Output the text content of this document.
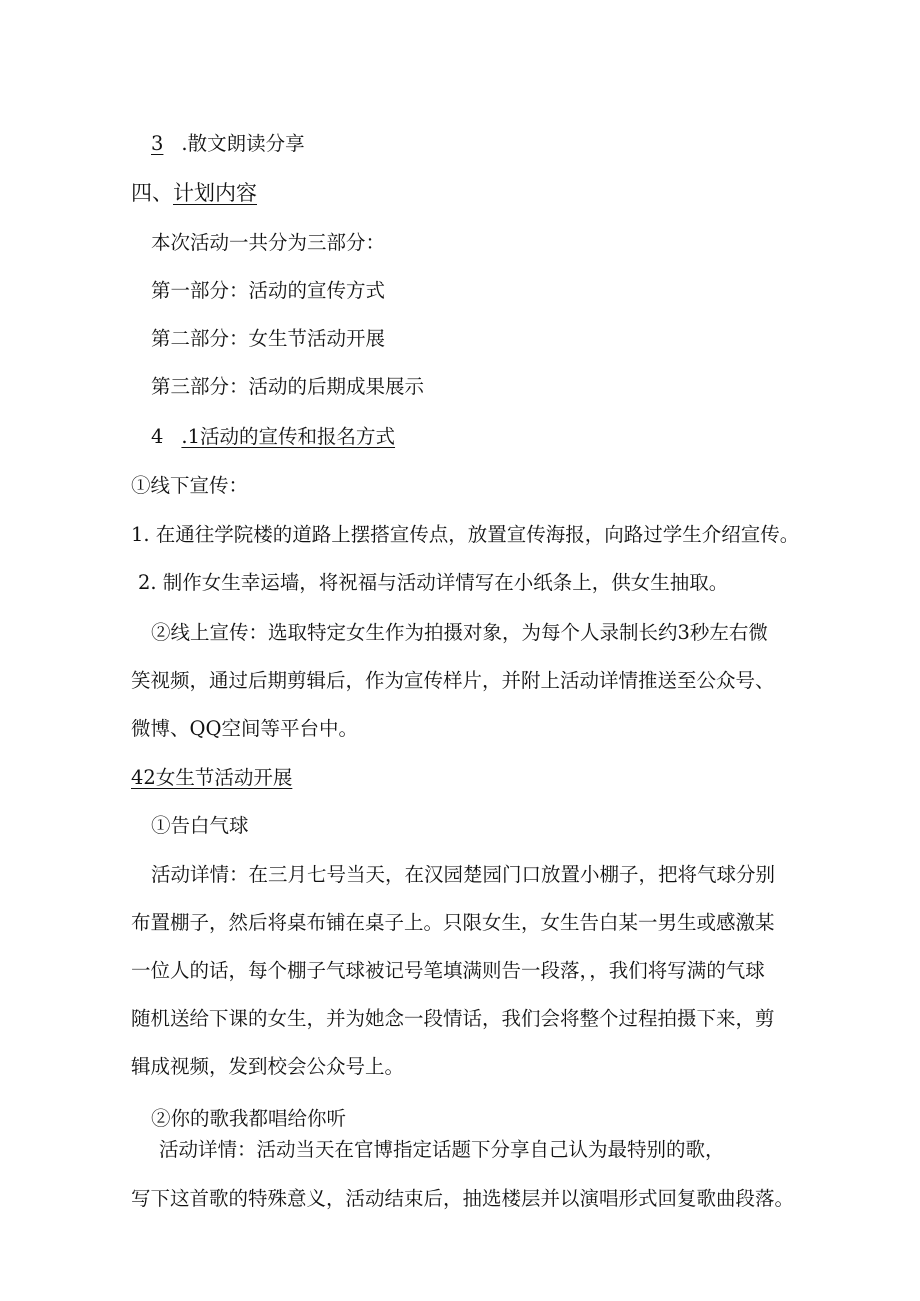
3 .散文朗读分享

四、计划内容

本次活动一共分为三部分：

第一部分：活动的宣传方式

第二部分：女生节活动开展

第三部分：活动的后期成果展示

4 .1活动的宣传和报名方式

①线下宣传：

1. 在通往学院楼的道路上摆搭宣传点，放置宣传海报，向路过学生介绍宣传。

2. 制作女生幸运墙，将祝福与活动详情写在小纸条上，供女生抽取。

②线上宣传：选取特定女生作为拍摄对象，为每个人录制长约3秒左右微

笑视频，通过后期剪辑后，作为宣传样片，并附上活动详情推送至公众号、

微博、QQ空间等平台中。

42女生节活动开展

①告白气球

活动详情：在三月七号当天，在汉园楚园门口放置小棚子，把将气球分别

布置棚子，然后将桌布铺在桌子上。只限女生，女生告白某一男生或感激某

一位人的话，每个棚子气球被记号笔填满则告一段落，，我们将写满的气球

随机送给下课的女生，并为她念一段情话，我们会将整个过程拍摄下来，剪

辑成视频，发到校会公众号上。

②你的歌我都唱给你听

活动详情：活动当天在官博指定话题下分享自己认为最特别的歌，

写下这首歌的特殊意义，活动结束后，抽选楼层并以演唱形式回复歌曲段落。
